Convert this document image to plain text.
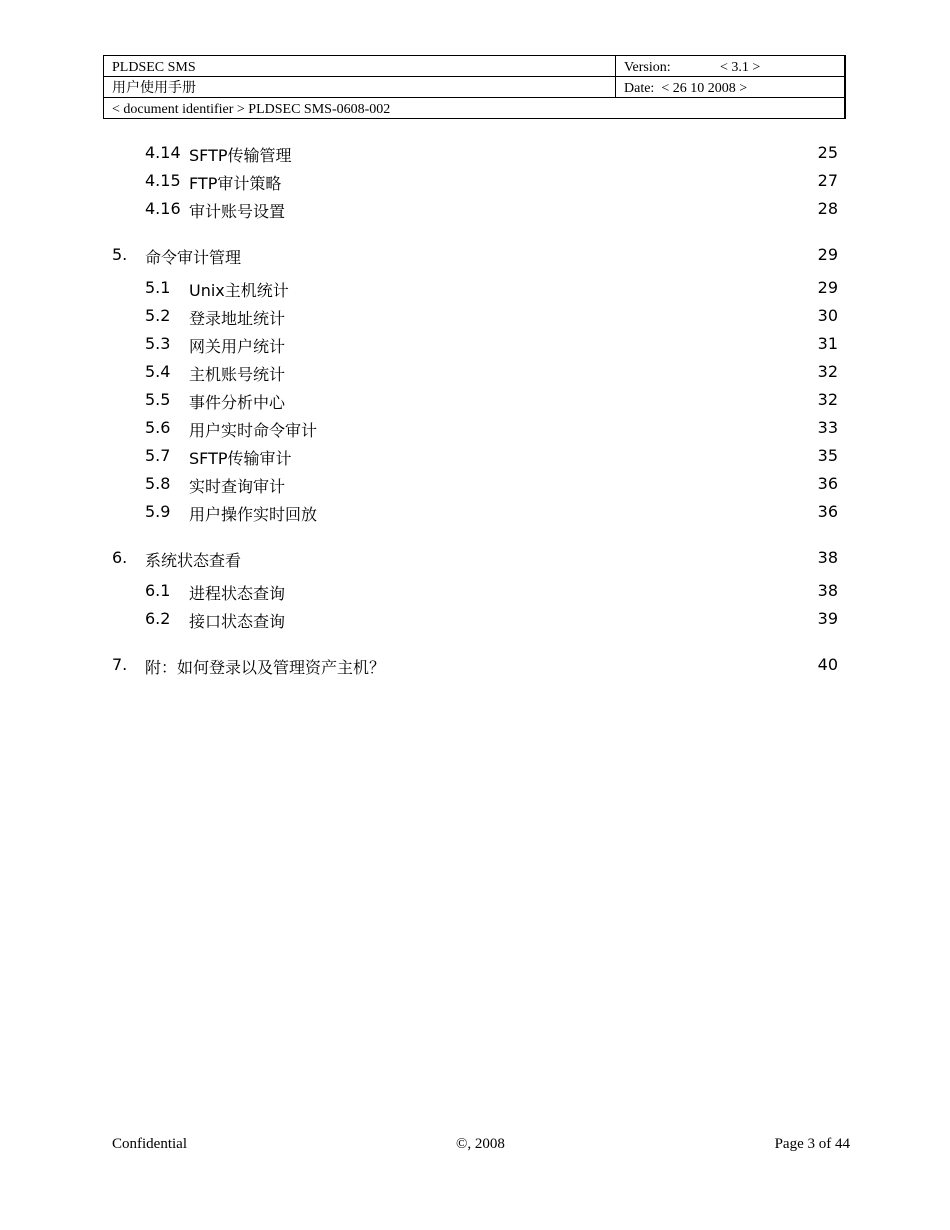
PLDSEC SMS	Version: < 3.1 >
用户使用手册	Date: < 26 10 2008 >
< document identifier > PLDSEC SMS-0608-002	
4.14 SFTP传输管理	25
4.15 FTP审计策略	27
4.16 审计账号设置	28
5. 命令审计管理	29
5.1 Unix主机统计	29
5.2 登录地址统计	30
5.3 网关用户统计	31
5.4 主机账号统计	32
5.5 事件分析中心	32
5.6 用户实时命令审计	33
5.7 SFTP传输审计	35
5.8 实时查询审计	36
5.9 用户操作实时回放	36
6. 系统状态查看	38
6.1 进程状态查询	38
6.2 接口状态查询	39
7. 附：如何登录以及管理资产主机？	40
Confidential	©, 2008	Page 3 of 44
